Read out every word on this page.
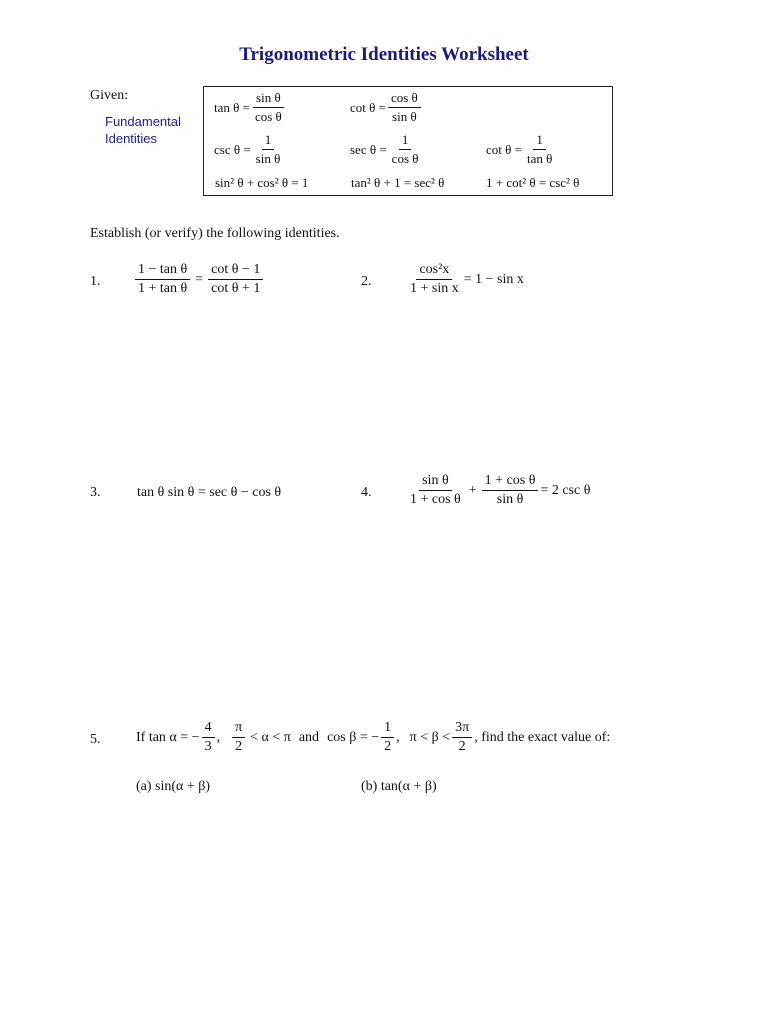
Trigonometric Identities Worksheet
Given:
Fundamental
Identities
$\tan \theta = \frac{\text{sin θ}}{\text{cos θ}}$	$\cot \theta = \frac{\text{cos θ}}{\text{sin θ}}$
$\csc \theta = \frac{1}{\text{sin θ}}$	$\sec \theta = \frac{1}{\text{cos θ}}$	$\cot \theta = \frac{1}{\text{tan θ}}$
sin² θ + cos² θ = 1	tan² θ + 1 = sec² θ	1 + cot² θ = csc² θ
Establish (or verify) the following identities.
1. $\frac{\text{1 − tan θ}}{\text{1 + tan θ}} = \frac{\text{cot θ − 1}}{\text{cot θ + 1}}$	2.	$\frac{\text{cos²x}}{\text{1 + sin x}} = 1 - \sin x$
3.	tan θ sin θ = sec θ − cos θ	4.	$\frac{\text{sin θ}}{\text{1 + cos θ}} + \frac{\text{1 + cos θ}}{\text{sin θ}} = 2$ csc θ
5.	If tan α = − $\frac{4}{3}$ , $\frac{\pi}{2} < \alpha < \pi$ and cos β = − $\frac{1}{2}$ , $\pi < \beta < \frac{3\pi}{2}$ , find the exact value of:
(a) sin(α + β)	(b) tan(α + β)
